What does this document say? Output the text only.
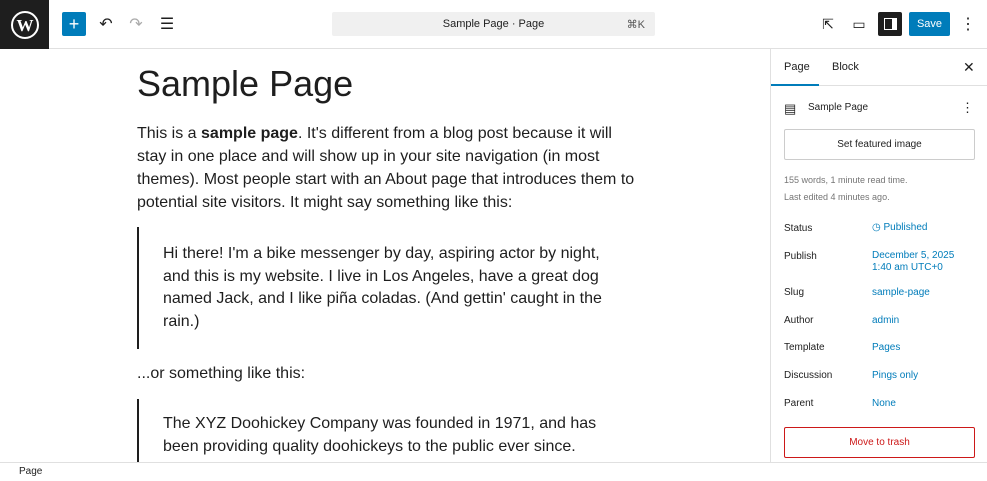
W	+	↶	↷	☰	Sample Page · Page	⌘K	⇱	▭	Save	⋮
Sample Page

This is a sample page. It's different from a blog post because it will stay in one place and will show up in your site navigation (in most themes). Most people start with an About page that introduces them to potential site visitors. It might say something like this:

Hi there! I'm a bike messenger by day, aspiring actor by night, and this is my website. I live in Los Angeles, have a great dog named Jack, and I like piña coladas. (And gettin' caught in the rain.)

...or something like this:

The XYZ Doohickey Company was founded in 1971, and has been providing quality doohickeys to the public ever since.
Page Block	✕
▤ Sample Page	⋮
Set featured image
155 words, 1 minute read time.
Last edited 4 minutes ago.
Status	◷ Published
Publish	December 5, 2025
1:40 am UTC+0
Slug	sample-page
Author	admin
Template	Pages
Discussion	Pings only
Parent	None
Move to trash
Page
